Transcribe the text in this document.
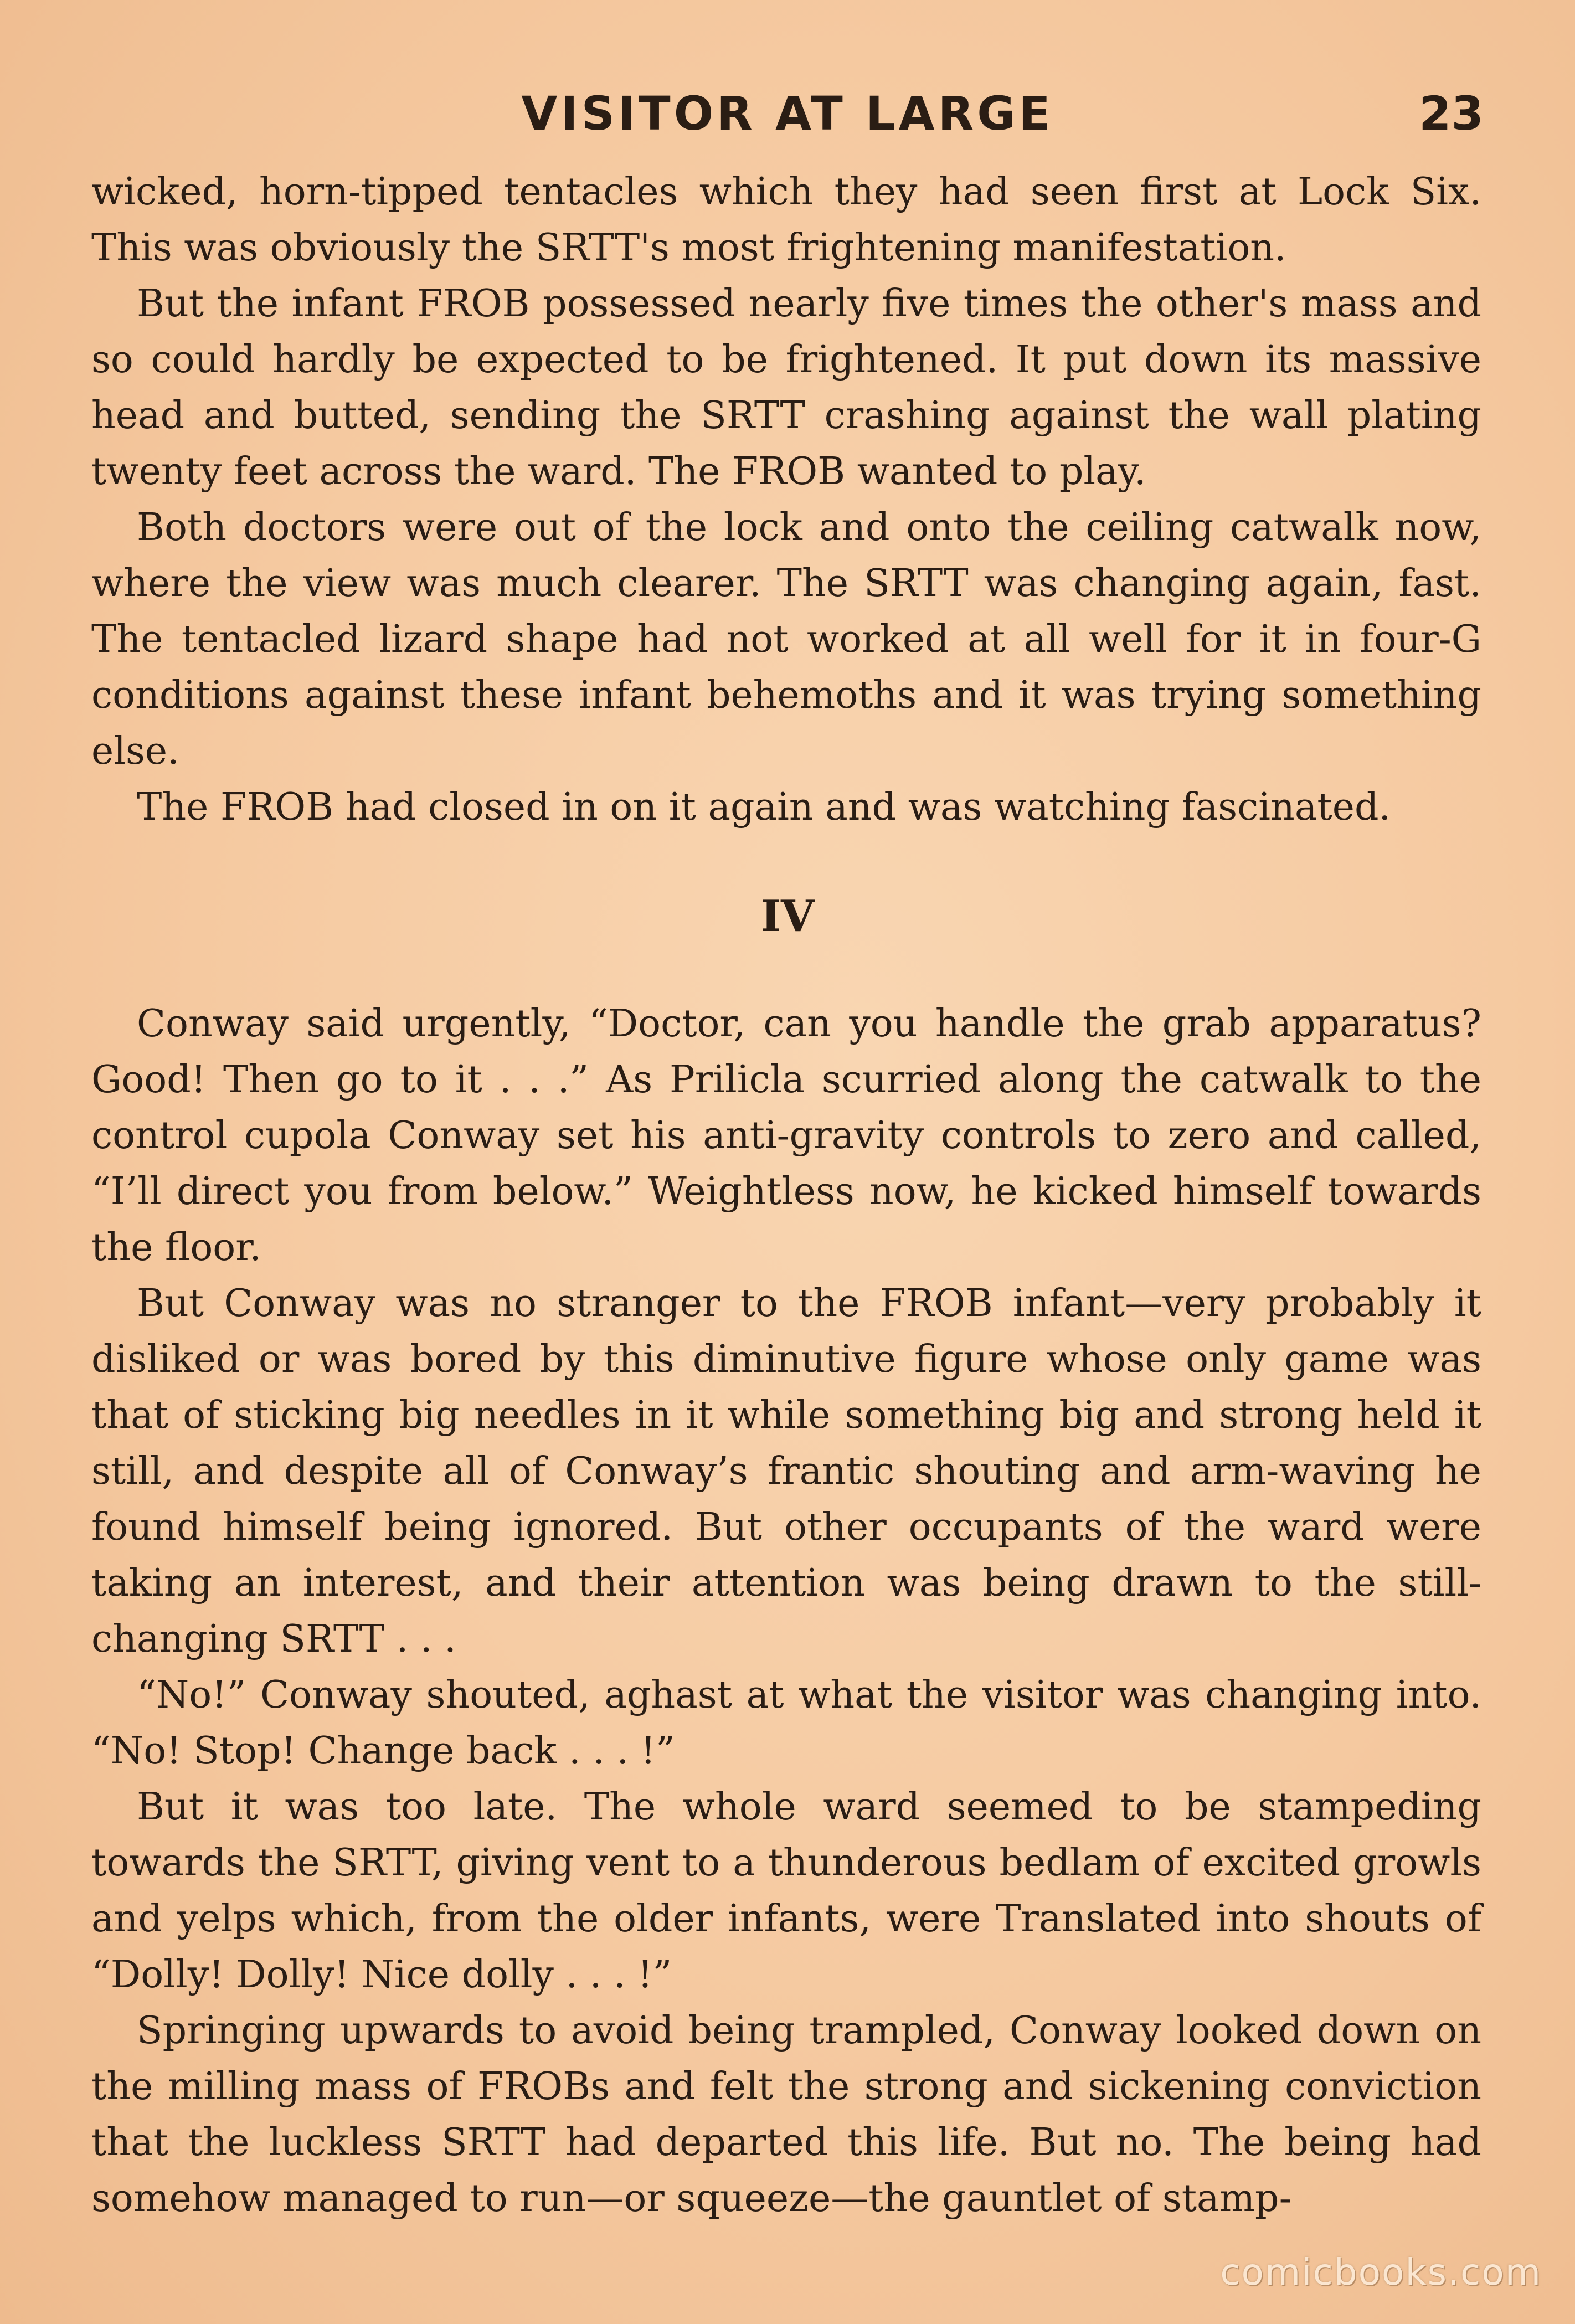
VISITOR AT LARGE	23

wicked, horn-tipped tentacles which they had seen first at Lock Six. This was obviously the SRTT's most frightening manifestation.

But the infant FROB possessed nearly five times the other's mass and so could hardly be expected to be frightened. It put down its massive head and butted, sending the SRTT crashing against the wall plating twenty feet across the ward. The FROB wanted to play.

Both doctors were out of the lock and onto the ceiling catwalk now, where the view was much clearer. The SRTT was changing again, fast. The tentacled lizard shape had not worked at all well for it in four-G conditions against these infant behemoths and it was trying something else.

The FROB had closed in on it again and was watching fascinated.

IV

Conway said urgently, “Doctor, can you handle the grab apparatus? Good! Then go to it . . .” As Prilicla scurried along the catwalk to the control cupola Conway set his anti-gravity controls to zero and called, “I’ll direct you from below.” Weightless now, he kicked himself towards the floor.

But Conway was no stranger to the FROB infant—very probably it disliked or was bored by this diminutive figure whose only game was that of sticking big needles in it while something big and strong held it still, and despite all of Conway’s frantic shouting and arm-waving he found himself being ignored. But other occupants of the ward were taking an interest, and their attention was being drawn to the still-changing SRTT . . .

“No!” Conway shouted, aghast at what the visitor was changing into. “No! Stop! Change back . . . !”

But it was too late. The whole ward seemed to be stampeding towards the SRTT, giving vent to a thunderous bedlam of excited growls and yelps which, from the older infants, were Translated into shouts of “Dolly! Dolly! Nice dolly . . . !”

Springing upwards to avoid being trampled, Conway looked down on the milling mass of FROBs and felt the strong and sickening conviction that the luckless SRTT had departed this life. But no. The being had somehow managed to run—or squeeze—the gauntlet of stamp-

comicbooks.com
